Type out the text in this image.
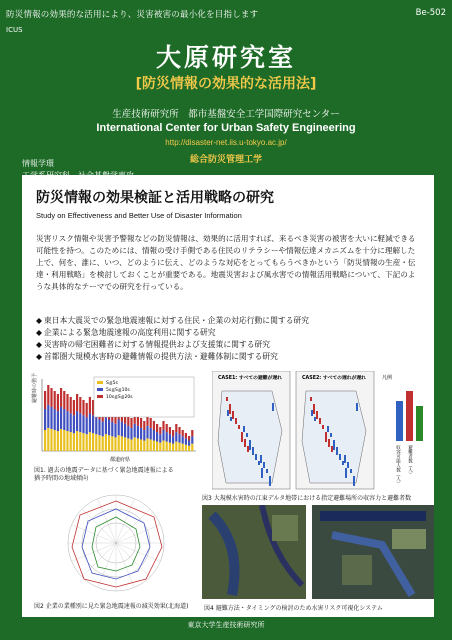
防災情報の効果的な活用により、災害被害の最小化を目指します	Be-502
ICUS
大原研究室
[防災情報の効果的な活用法]
生産技術研究所　都市基盤安全工学国際研究センター
International Center for Urban Safety Engineering
http://disaster-net.iis.u-tokyo.ac.jp/
総合防災管理工学
情報学環
防災情報の効果検証と活用戦略の研究
Study on Effectiveness and Better Use of Disaster Information
災害リスク情報や災害予警報などの防災情報は、効果的に活用すれば、来るべき災害の被害を大いに軽減できる可能性を持つ。このためには、情報の受け手側である住民のリテラシーや情報伝達メカニズムを十分に理解した上で、何を、誰に、いつ、どのように伝え、どのような対応をとってもらうべきかという「防災情報の生産・伝達・利用戦略」を検討しておくことが重要である。地震災害および風水害での情報活用戦略について、下記のような具体的なテーマでの研究を行っている。
◆ 東日本大震災での緊急地震速報に対する住民・企業の対応行動に関する研究
◆ 企業による緊急地震速報の高度利用に関する研究
◆ 災害時の帰宅困難者に対する情報提供および支援策に関する研究
◆ 首都圏大規模水害時の避難情報の提供方法・避難体制に関する研究
避難時の猶予	S≦5s
5s≦S≦10s
10s≦S≦20s
都道府県
図1. 過去の地震データに基づく緊急地震速報による
猶予時間の地域傾向
図2 企業の業種別に見た緊急地震速報の減災効果(北海道)
CASE1: すべての避難が遅れ	CASE2: すべての遅れが遅れ	凡例
収容可能人数（人） 避難者数（人）
図3 大規模水害時の江東デルタ地帯における指定避難場所の収容力と避難者数
図4 避難方法・タイミングの検討のため水害リスク可視化システム
東京大学生産技術研究所
